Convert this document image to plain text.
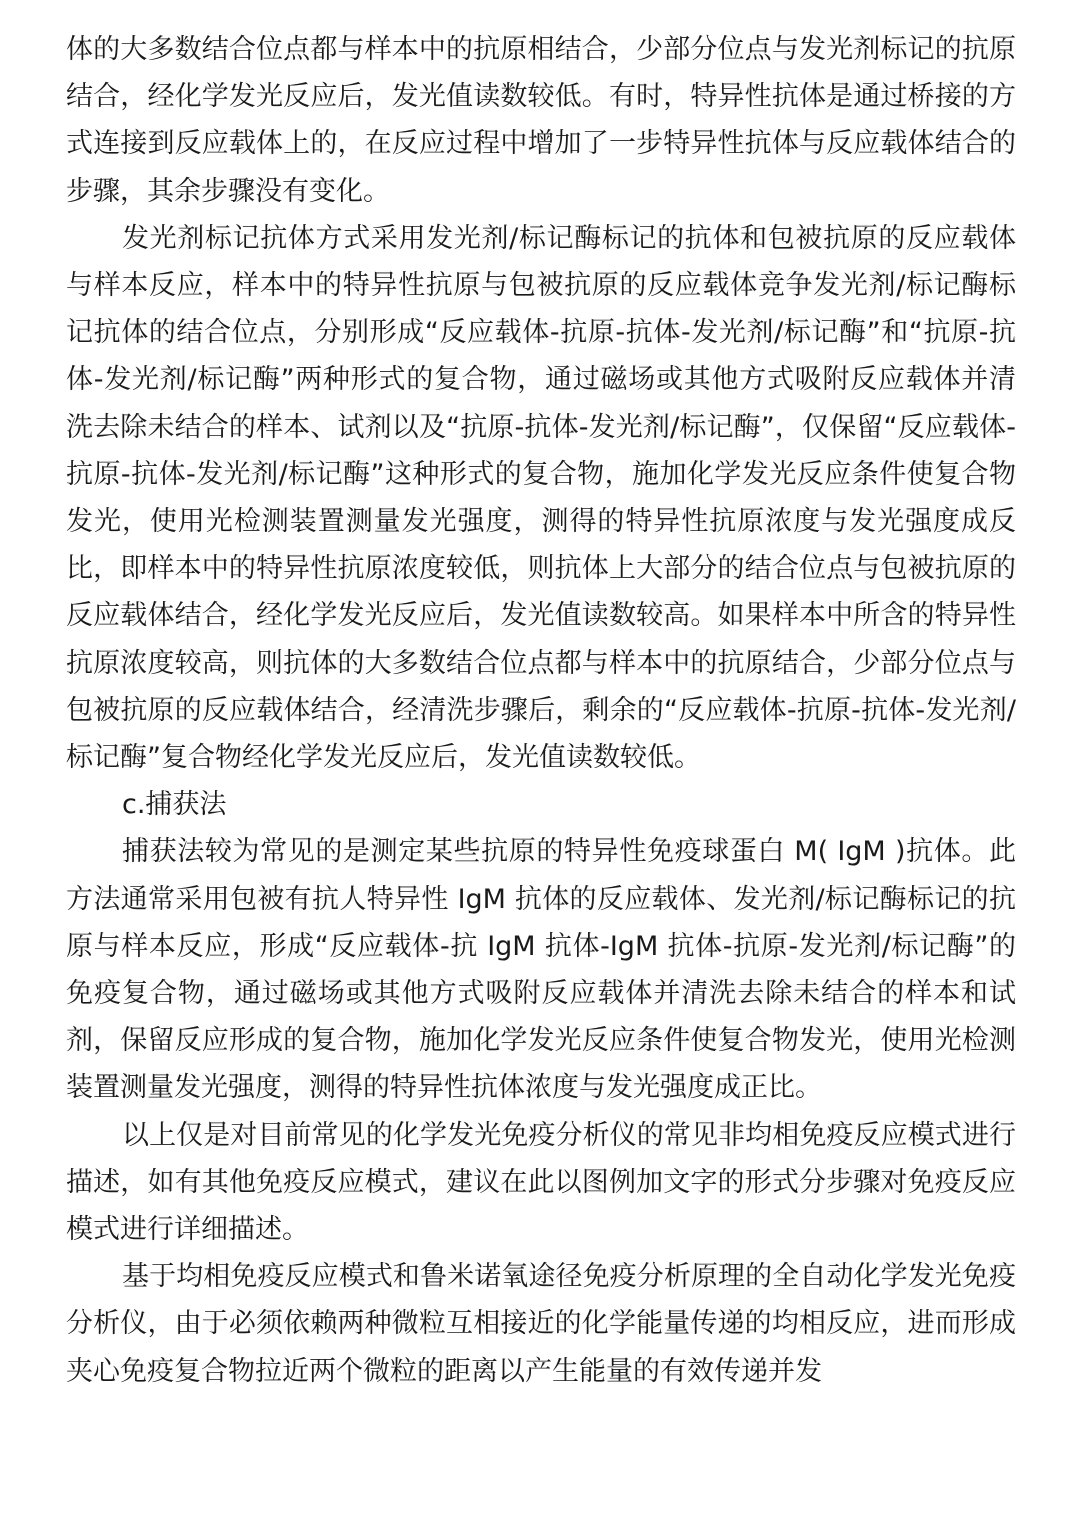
体的大多数结合位点都与样本中的抗原相结合，少部分位点与发光剂标记的抗原结合，经化学发光反应后，发光值读数较低。有时，特异性抗体是通过桥接的方式连接到反应载体上的，在反应过程中增加了一步特异性抗体与反应载体结合的步骤，其余步骤没有变化。

发光剂标记抗体方式采用发光剂/标记酶标记的抗体和包被抗原的反应载体与样本反应，样本中的特异性抗原与包被抗原的反应载体竞争发光剂/标记酶标记抗体的结合位点，分别形成“反应载体-抗原-抗体-发光剂/标记酶”和“抗原-抗体-发光剂/标记酶”两种形式的复合物，通过磁场或其他方式吸附反应载体并清洗去除未结合的样本、试剂以及“抗原-抗体-发光剂/标记酶”，仅保留“反应载体-抗原-抗体-发光剂/标记酶”这种形式的复合物，施加化学发光反应条件使复合物发光，使用光检测装置测量发光强度，测得的特异性抗原浓度与发光强度成反比，即样本中的特异性抗原浓度较低，则抗体上大部分的结合位点与包被抗原的反应载体结合，经化学发光反应后，发光值读数较高。如果样本中所含的特异性抗原浓度较高，则抗体的大多数结合位点都与样本中的抗原结合，少部分位点与包被抗原的反应载体结合，经清洗步骤后，剩余的“反应载体-抗原-抗体-发光剂/标记酶”复合物经化学发光反应后，发光值读数较低。

c.捕获法

捕获法较为常见的是测定某些抗原的特异性免疫球蛋白 M( IgM )抗体。此方法通常采用包被有抗人特异性 IgM 抗体的反应载体、发光剂/标记酶标记的抗原与样本反应，形成“反应载体-抗 IgM 抗体-IgM 抗体-抗原-发光剂/标记酶”的免疫复合物，通过磁场或其他方式吸附反应载体并清洗去除未结合的样本和试剂，保留反应形成的复合物，施加化学发光反应条件使复合物发光，使用光检测装置测量发光强度，测得的特异性抗体浓度与发光强度成正比。

以上仅是对目前常见的化学发光免疫分析仪的常见非均相免疫反应模式进行描述，如有其他免疫反应模式，建议在此以图例加文字的形式分步骤对免疫反应模式进行详细描述。

基于均相免疫反应模式和鲁米诺氧途径免疫分析原理的全自动化学发光免疫分析仪，由于必须依赖两种微粒互相接近的化学能量传递的均相反应，进而形成夹心免疫复合物拉近两个微粒的距离以产生能量的有效传递并发
